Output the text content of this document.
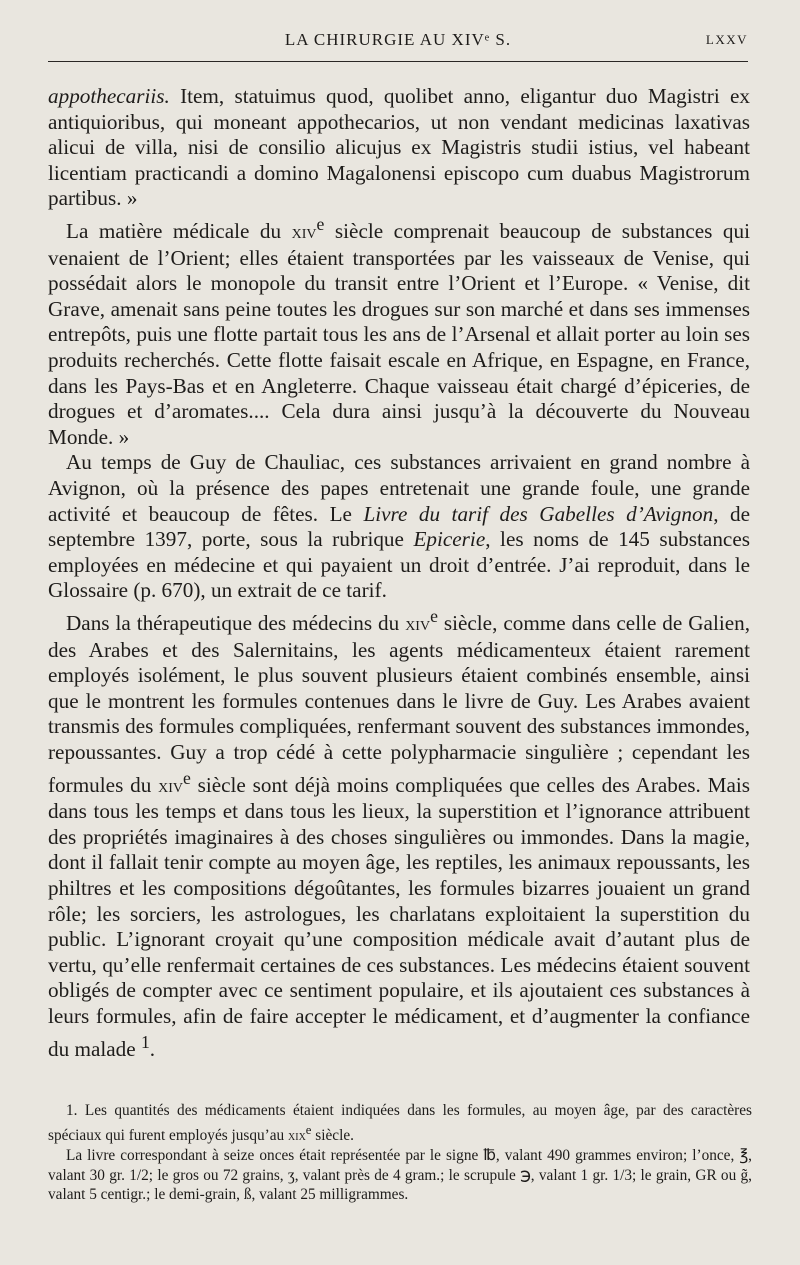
LA CHIRURGIE AU XIVᵉ S.	LXXV

appothecariis. Item, statuimus quod, quolibet anno, eligantur duo Magistri ex antiquioribus, qui moneant appothecarios, ut non vendant medicinas laxativas alicui de villa, nisi de consilio alicujus ex Magistris studii istius, vel habeant licentiam practicandi a domino Magalonensi episcopo cum duabus Magistrorum partibus. »

La matière médicale du xiv$^e$ siècle comprenait beaucoup de substances qui venaient de l’Orient; elles étaient transportées par les vaisseaux de Venise, qui possédait alors le monopole du transit entre l’Orient et l’Europe. « Venise, dit Grave, amenait sans peine toutes les drogues sur son marché et dans ses immenses entrepôts, puis une flotte partait tous les ans de l’Arsenal et allait porter au loin ses produits recherchés. Cette flotte faisait escale en Afrique, en Espagne, en France, dans les Pays-Bas et en Angleterre. Chaque vaisseau était chargé d’épiceries, de drogues et d’aromates.... Cela dura ainsi jusqu’à la découverte du Nouveau Monde. »

Au temps de Guy de Chauliac, ces substances arrivaient en grand nombre à Avignon, où la présence des papes entretenait une grande foule, une grande activité et beaucoup de fêtes. Le Livre du tarif des Gabelles d’Avignon, de septembre 1397, porte, sous la rubrique Epicerie, les noms de 145 substances employées en médecine et qui payaient un droit d’entrée. J’ai reproduit, dans le Glossaire (p. 670), un extrait de ce tarif.

Dans la thérapeutique des médecins du xiv$^e$ siècle, comme dans celle de Galien, des Arabes et des Salernitains, les agents médicamenteux étaient rarement employés isolément, le plus souvent plusieurs étaient combinés ensemble, ainsi que le montrent les formules contenues dans le livre de Guy. Les Arabes avaient transmis des formules compliquées, renfermant souvent des substances immondes, repoussantes. Guy a trop cédé à cette polypharmacie singulière ; cependant les formules du xiv$^e$ siècle sont déjà moins compliquées que celles des Arabes. Mais dans tous les temps et dans tous les lieux, la superstition et l’ignorance attribuent des propriétés imaginaires à des choses singulières ou immondes. Dans la magie, dont il fallait tenir compte au moyen âge, les reptiles, les animaux repoussants, les philtres et les compositions dégoûtantes, les formules bizarres jouaient un grand rôle; les sorciers, les astrologues, les charlatans exploitaient la superstition du public. L’ignorant croyait qu’une composition médicale avait d’autant plus de vertu, qu’elle renfermait certaines de ces substances. Les médecins étaient souvent obligés de compter avec ce sentiment populaire, et ils ajoutaient ces substances à leurs formules, afin de faire accepter le médicament, et d’augmenter la confiance du malade $^1$.

1. Les quantités des médicaments étaient indiquées dans les formules, au moyen âge, par des caractères spéciaux qui furent employés jusqu’au xix$^e$ siècle.

La livre correspondant à seize onces était représentée par le signe ℔, valant 490 grammes environ; l’once, ℥, valant 30 gr. 1/2; le gros ou 72 grains, ʒ, valant près de 4 gram.; le scrupule ℈, valant 1 gr. 1/3; le grain, GR ou g̃, valant 5 centigr.; le demi-grain, ß, valant 25 milligrammes.
